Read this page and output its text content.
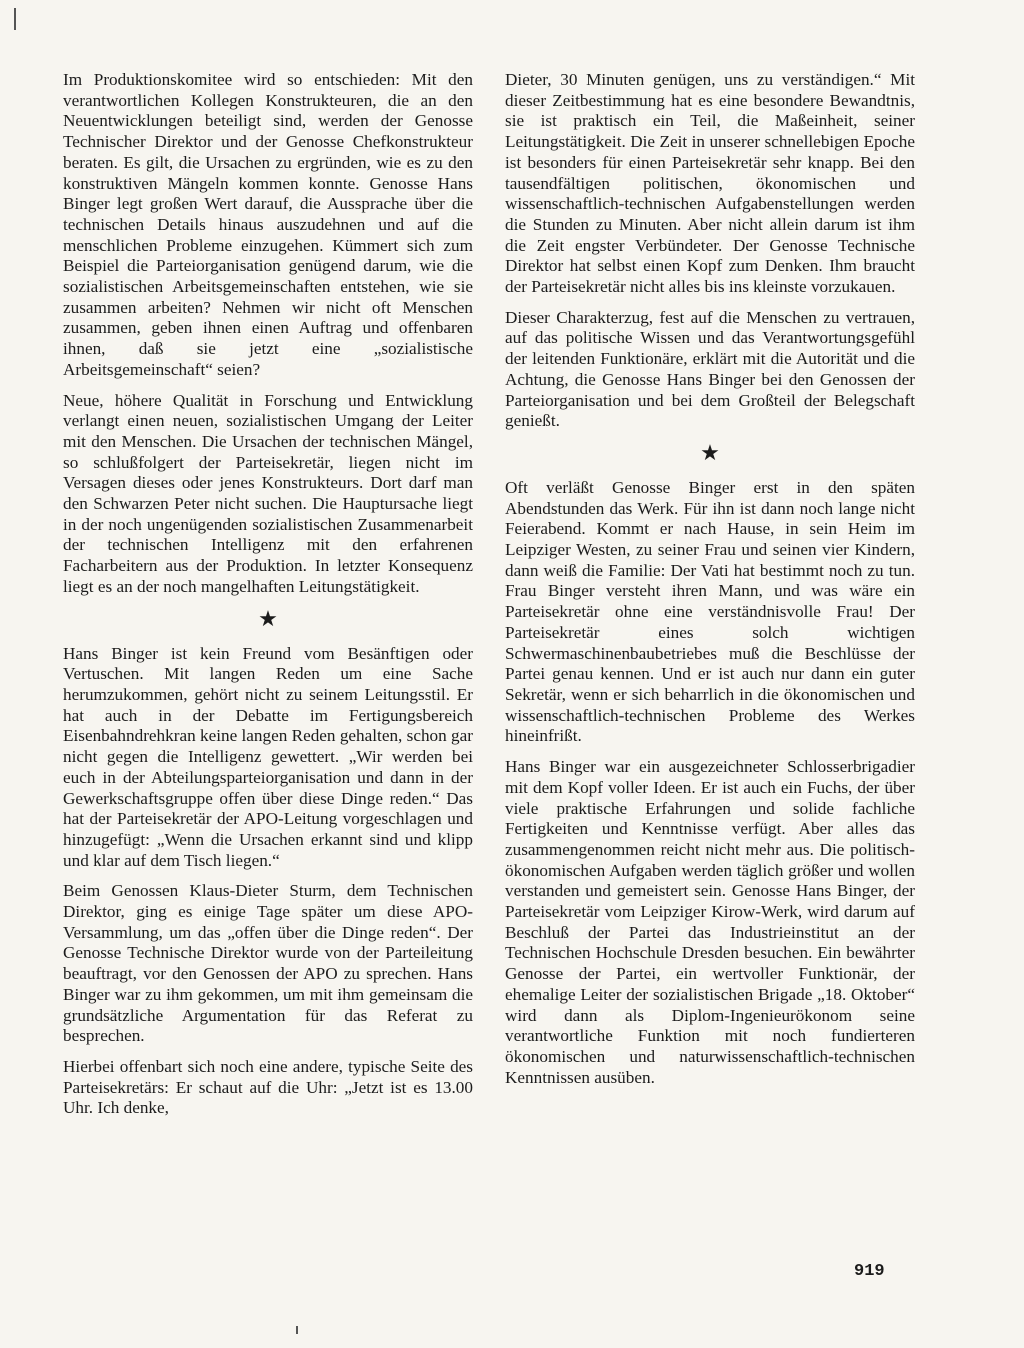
Im Produktionskomitee wird so entschieden: Mit den verantwortlichen Kollegen Konstrukteuren, die an den Neuentwicklungen beteiligt sind, werden der Genosse Technischer Direktor und der Genosse Chefkonstrukteur beraten. Es gilt, die Ursachen zu ergründen, wie es zu den konstruktiven Mängeln kommen konnte. Genosse Hans Binger legt großen Wert darauf, die Aussprache über die technischen Details hinaus auszudehnen und auf die menschlichen Probleme einzugehen. Kümmert sich zum Beispiel die Parteiorganisation genügend darum, wie die sozialistischen Arbeitsgemeinschaften entstehen, wie sie zusammen arbeiten? Nehmen wir nicht oft Menschen zusammen, geben ihnen einen Auftrag und offenbaren ihnen, daß sie jetzt eine „sozialistische Arbeitsgemeinschaft“ seien?

Neue, höhere Qualität in Forschung und Entwicklung verlangt einen neuen, sozialistischen Umgang der Leiter mit den Menschen. Die Ursachen der technischen Mängel, so schlußfolgert der Parteisekretär, liegen nicht im Versagen dieses oder jenes Konstrukteurs. Dort darf man den Schwarzen Peter nicht suchen. Die Hauptursache liegt in der noch ungenügenden sozialistischen Zusammenarbeit der technischen Intelligenz mit den erfahrenen Facharbeitern aus der Produktion. In letzter Konsequenz liegt es an der noch mangelhaften Leitungstätigkeit.

★

Hans Binger ist kein Freund vom Besänftigen oder Vertuschen. Mit langen Reden um eine Sache herumzukommen, gehört nicht zu seinem Leitungsstil. Er hat auch in der Debatte im Fertigungsbereich Eisenbahndrehkran keine langen Reden gehalten, schon gar nicht gegen die Intelligenz gewettert. „Wir werden bei euch in der Abteilungsparteiorganisation und dann in der Gewerkschaftsgruppe offen über diese Dinge reden.“ Das hat der Parteisekretär der APO-Leitung vorgeschlagen und hinzugefügt: „Wenn die Ursachen erkannt sind und klipp und klar auf dem Tisch liegen.“

Beim Genossen Klaus-Dieter Sturm, dem Technischen Direktor, ging es einige Tage später um diese APO-Versammlung, um das „offen über die Dinge reden“. Der Genosse Technische Direktor wurde von der Parteileitung beauftragt, vor den Genossen der APO zu sprechen. Hans Binger war zu ihm gekommen, um mit ihm gemeinsam die grundsätzliche Argumentation für das Referat zu besprechen.

Hierbei offenbart sich noch eine andere, typische Seite des Parteisekretärs: Er schaut auf die Uhr: „Jetzt ist es 13.00 Uhr. Ich denke,

Dieter, 30 Minuten genügen, uns zu verständigen.“ Mit dieser Zeitbestimmung hat es eine besondere Bewandtnis, sie ist praktisch ein Teil, die Maßeinheit, seiner Leitungstätigkeit. Die Zeit in unserer schnellebigen Epoche ist besonders für einen Parteisekretär sehr knapp. Bei den tausendfältigen politischen, ökonomischen und wissenschaftlich-technischen Aufgabenstellungen werden die Stunden zu Minuten. Aber nicht allein darum ist ihm die Zeit engster Verbündeter. Der Genosse Technische Direktor hat selbst einen Kopf zum Denken. Ihm braucht der Parteisekretär nicht alles bis ins kleinste vorzukauen.

Dieser Charakterzug, fest auf die Menschen zu vertrauen, auf das politische Wissen und das Verantwortungsgefühl der leitenden Funktionäre, erklärt mit die Autorität und die Achtung, die Genosse Hans Binger bei den Genossen der Parteiorganisation und bei dem Großteil der Belegschaft genießt.

★

Oft verläßt Genosse Binger erst in den späten Abendstunden das Werk. Für ihn ist dann noch lange nicht Feierabend. Kommt er nach Hause, in sein Heim im Leipziger Westen, zu seiner Frau und seinen vier Kindern, dann weiß die Familie: Der Vati hat bestimmt noch zu tun. Frau Binger versteht ihren Mann, und was wäre ein Parteisekretär ohne eine verständnisvolle Frau! Der Parteisekretär eines solch wichtigen Schwermaschinenbaubetriebes muß die Beschlüsse der Partei genau kennen. Und er ist auch nur dann ein guter Sekretär, wenn er sich beharrlich in die ökonomischen und wissenschaftlich-technischen Probleme des Werkes hineinfrißt.

Hans Binger war ein ausgezeichneter Schlosserbrigadier mit dem Kopf voller Ideen. Er ist auch ein Fuchs, der über viele praktische Erfahrungen und solide fachliche Fertigkeiten und Kenntnisse verfügt. Aber alles das zusammengenommen reicht nicht mehr aus. Die politisch-ökonomischen Aufgaben werden täglich größer und wollen verstanden und gemeistert sein. Genosse Hans Binger, der Parteisekretär vom Leipziger Kirow-Werk, wird darum auf Beschluß der Partei das Industrieinstitut an der Technischen Hochschule Dresden besuchen. Ein bewährter Genosse der Partei, ein wertvoller Funktionär, der ehemalige Leiter der sozialistischen Brigade „18. Oktober“ wird dann als Diplom-Ingenieurökonom seine verantwortliche Funktion mit noch fundierteren ökonomischen und naturwissenschaftlich-technischen Kenntnissen ausüben.

919
